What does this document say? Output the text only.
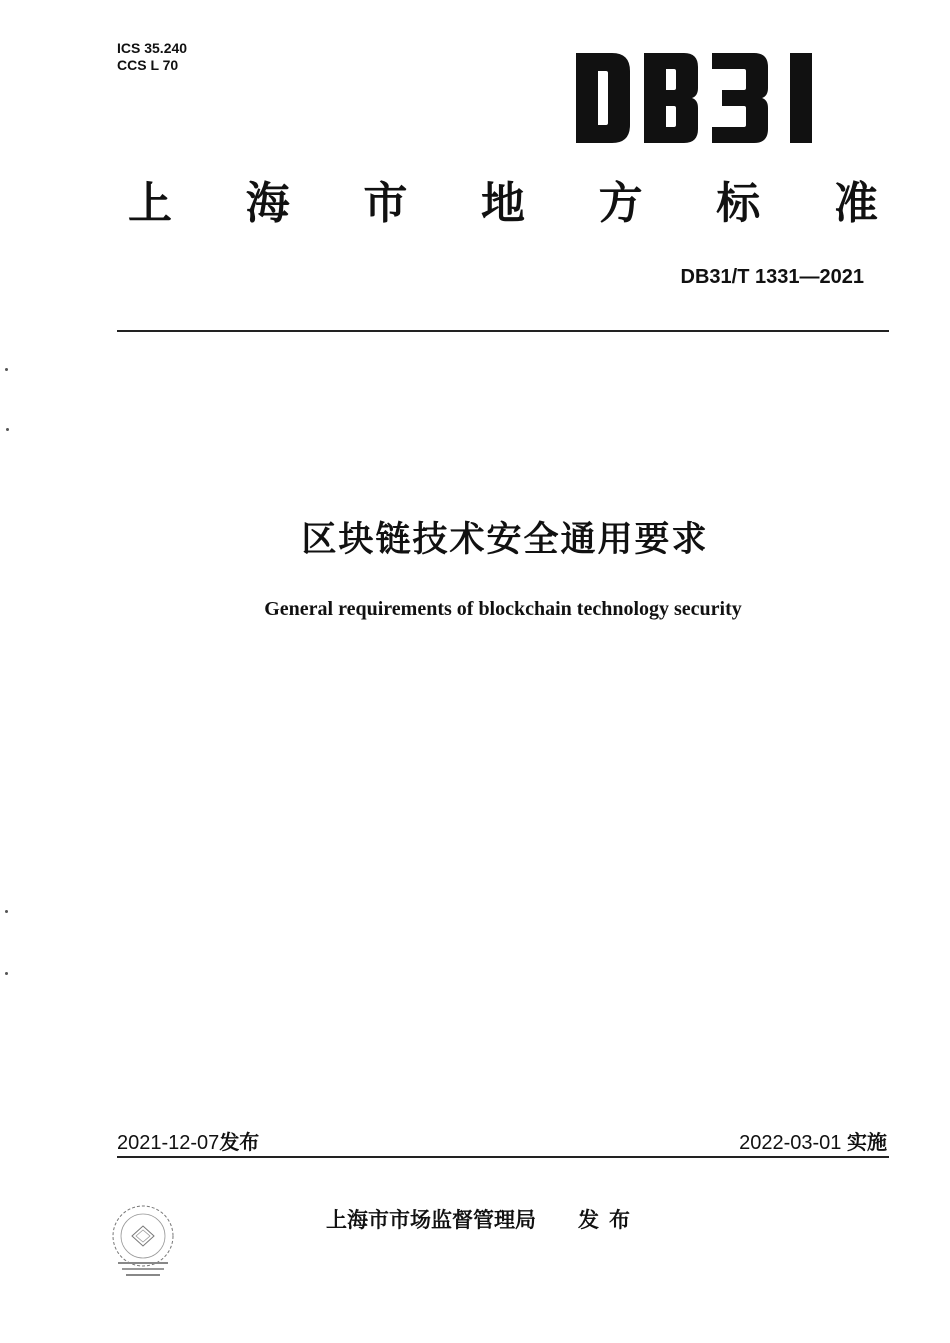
ICS 35.240
CCS L 70
上 海 市 地 方 标 准
DB31/T 1331—2021
区块链技术安全通用要求
General requirements of blockchain technology security
2021-12-07发布	2022-03-01 实施
上海市市场监督管理局 发布
